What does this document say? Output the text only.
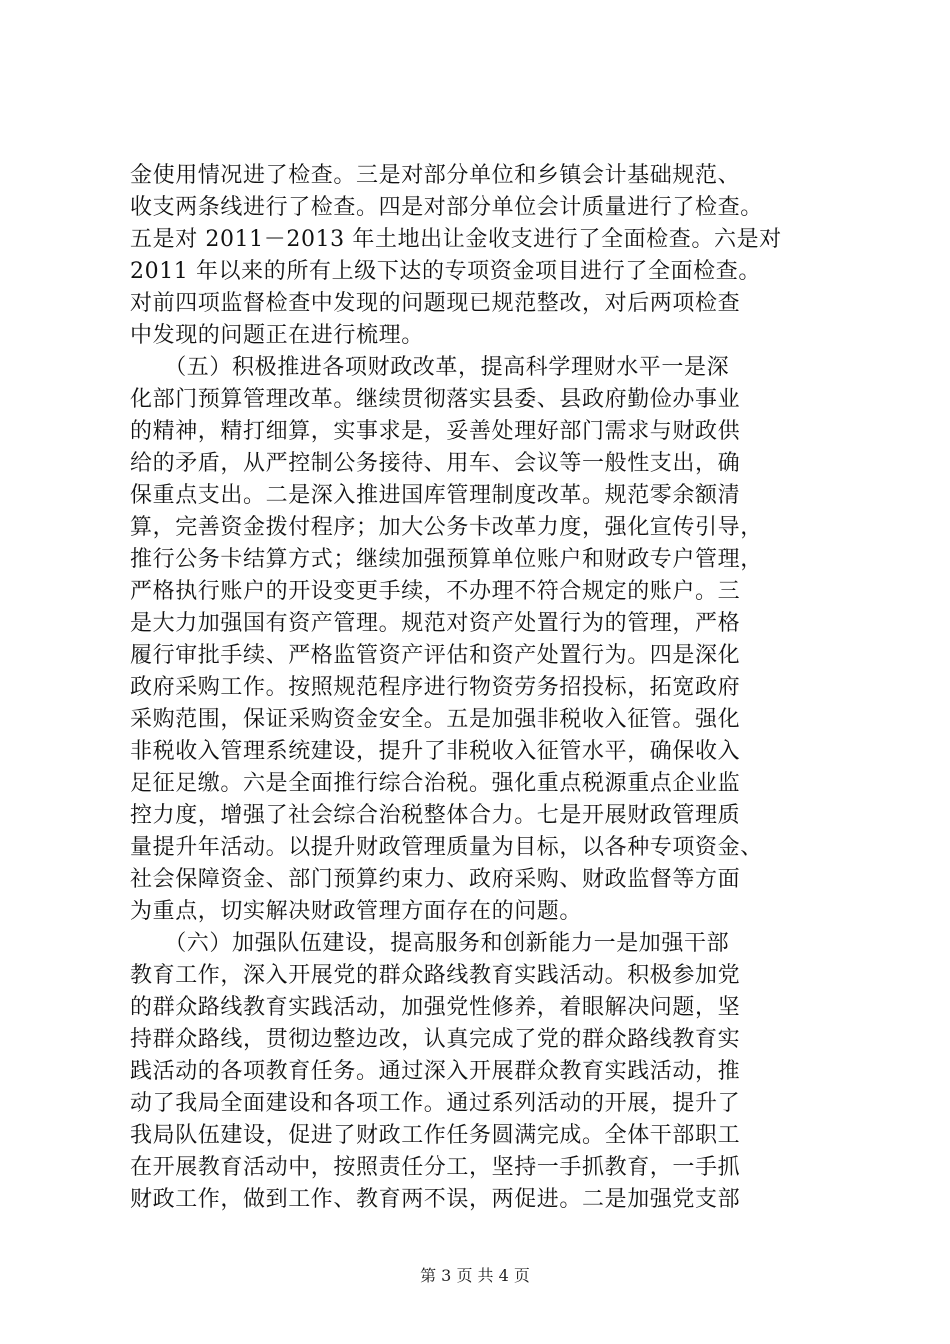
金使用情况进了检查。三是对部分单位和乡镇会计基础规范、
收支两条线进行了检查。四是对部分单位会计质量进行了检查。
五是对 2011－2013 年土地出让金收支进行了全面检查。六是对
2011 年以来的所有上级下达的专项资金项目进行了全面检查。
对前四项监督检查中发现的问题现已规范整改，对后两项检查
中发现的问题正在进行梳理。
　　（五）积极推进各项财政改革，提高科学理财水平一是深
化部门预算管理改革。继续贯彻落实县委、县政府勤俭办事业
的精神，精打细算，实事求是，妥善处理好部门需求与财政供
给的矛盾，从严控制公务接待、用车、会议等一般性支出，确
保重点支出。二是深入推进国库管理制度改革。规范零余额清
算，完善资金拨付程序；加大公务卡改革力度，强化宣传引导，
推行公务卡结算方式；继续加强预算单位账户和财政专户管理，
严格执行账户的开设变更手续，不办理不符合规定的账户。三
是大力加强国有资产管理。规范对资产处置行为的管理，严格
履行审批手续、严格监管资产评估和资产处置行为。四是深化
政府采购工作。按照规范程序进行物资劳务招投标，拓宽政府
采购范围，保证采购资金安全。五是加强非税收入征管。强化
非税收入管理系统建设，提升了非税收入征管水平，确保收入
足征足缴。六是全面推行综合治税。强化重点税源重点企业监
控力度，增强了社会综合治税整体合力。七是开展财政管理质
量提升年活动。以提升财政管理质量为目标，以各种专项资金、
社会保障资金、部门预算约束力、政府采购、财政监督等方面
为重点，切实解决财政管理方面存在的问题。
　　（六）加强队伍建设，提高服务和创新能力一是加强干部
教育工作，深入开展党的群众路线教育实践活动。积极参加党
的群众路线教育实践活动，加强党性修养，着眼解决问题，坚
持群众路线，贯彻边整边改，认真完成了党的群众路线教育实
践活动的各项教育任务。通过深入开展群众教育实践活动，推
动了我局全面建设和各项工作。通过系列活动的开展，提升了
我局队伍建设，促进了财政工作任务圆满完成。全体干部职工
在开展教育活动中，按照责任分工，坚持一手抓教育，一手抓
财政工作，做到工作、教育两不误，两促进。二是加强党支部
第 3 页 共 4 页
